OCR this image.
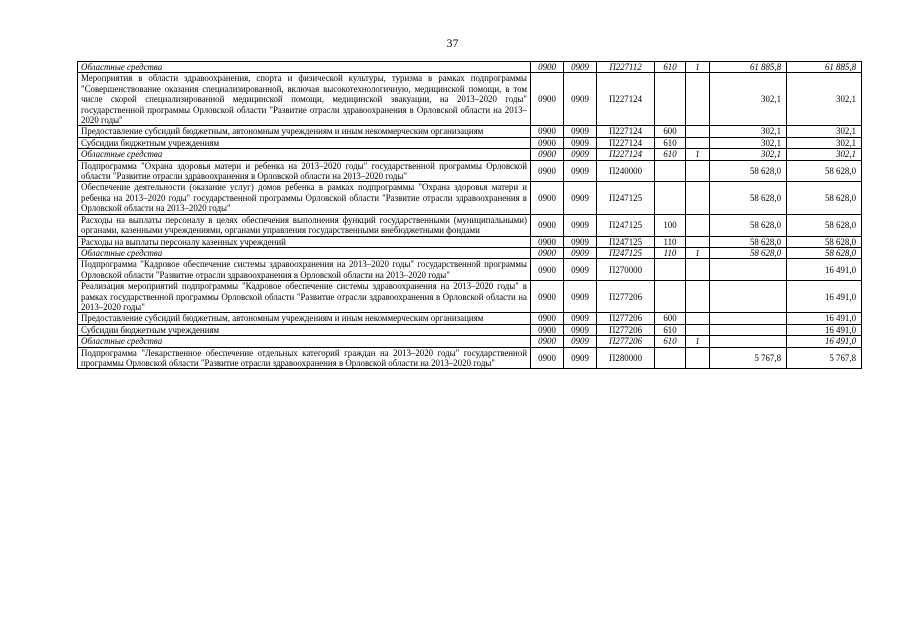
37
Областные средства	0900	0909	П227112	610	1	61 885,8	61 885,8
Мероприятия в области здравоохранения, спорта и физической культуры, туризма в рамках подпрограммы "Совершенствование оказания специализированной, включая высокотехнологичную, медицинской помощи, в том числе скорой специализированной медицинской помощи, медицинской эвакуации, на 2013–2020 годы" государственной программы Орловской области "Развитие отрасли здравоохранения в Орловской области на 2013–2020 годы"	0900	0909	П227124			302,1	302,1
Предоставление субсидий бюджетным, автономным учреждениям и иным некоммерческим организациям	0900	0909	П227124	600		302,1	302,1
Субсидии бюджетным учреждениям	0900	0909	П227124	610		302,1	302,1
Областные средства	0900	0909	П227124	610	1	302,1	302,1
Подпрограмма "Охрана здоровья матери и ребенка на 2013–2020 годы" государственной программы Орловской области "Развитие отрасли здравоохранения в Орловской области на 2013–2020 годы"	0900	0909	П240000			58 628,0	58 628,0
Обеспечение деятельности (оказание услуг) домов ребенка в рамках подпрограммы "Охрана здоровья матери и ребенка на 2013–2020 годы" государственной программы Орловской области "Развитие отрасли здравоохранения в Орловской области на 2013–2020 годы"	0900	0909	П247125			58 628,0	58 628,0
Расходы на выплаты персоналу в целях обеспечения выполнения функций государственными (муниципальными) органами, казенными учреждениями, органами управления государственными внебюджетными фондами	0900	0909	П247125	100		58 628,0	58 628,0
Расходы на выплаты персоналу казенных учреждений	0900	0909	П247125	110		58 628,0	58 628,0
Областные средства	0900	0909	П247125	110	1	58 628,0	58 628,0
Подпрограмма "Кадровое обеспечение системы здравоохранения на 2013–2020 годы" государственной программы Орловской области "Развитие отрасли здравоохранения в Орловской области на 2013–2020 годы"	0900	0909	П270000				16 491,0
Реализация мероприятий подпрограммы "Кадровое обеспечение системы здравоохранения на 2013–2020 годы" в рамках государственной программы Орловской области "Развитие отрасли здравоохранения в Орловской области на 2013–2020 годы"	0900	0909	П277206				16 491,0
Предоставление субсидий бюджетным, автономным учреждениям и иным некоммерческим организациям	0900	0909	П277206	600			16 491,0
Субсидии бюджетным учреждениям	0900	0909	П277206	610			16 491,0
Областные средства	0900	0909	П277206	610	1		16 491,0
Подпрограмма "Лекарственное обеспечение отдельных категорий граждан на 2013–2020 годы" государственной программы Орловской области "Развитие отрасли здравоохранения в Орловской области на 2013–2020 годы"	0900	0909	П280000			5 767,8	5 767,8
